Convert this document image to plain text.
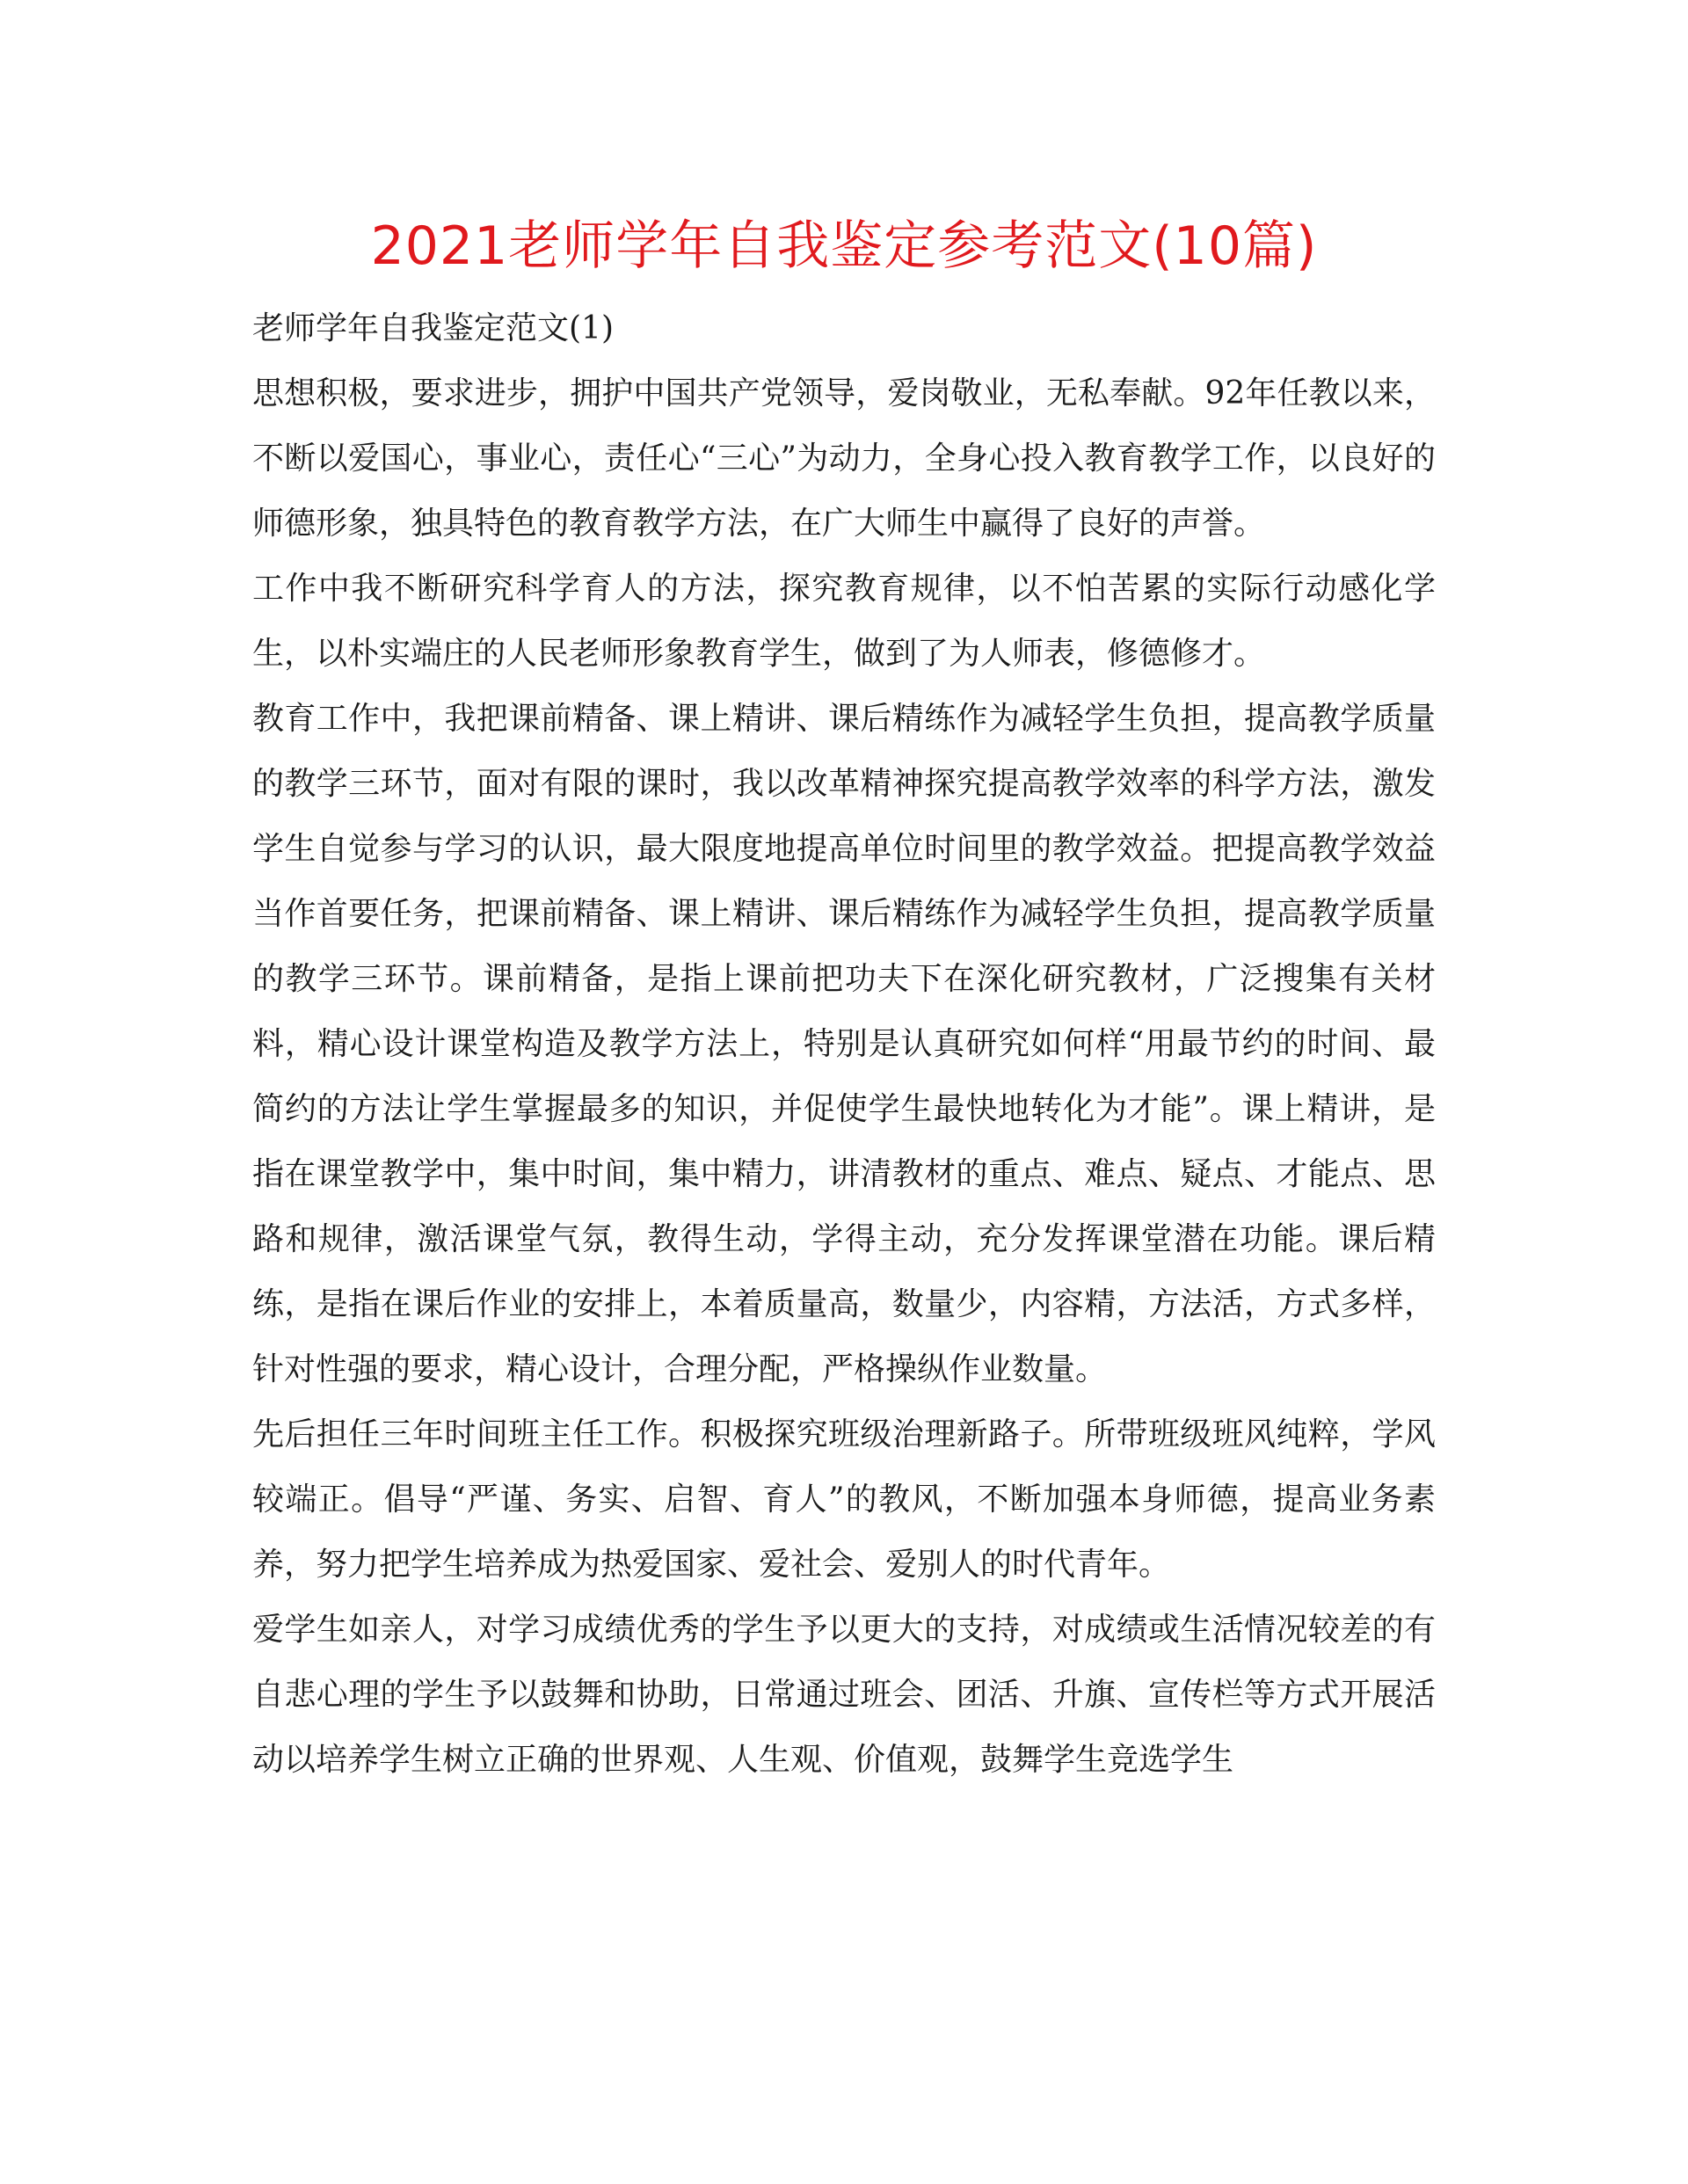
2021老师学年自我鉴定参考范文(10篇)

老师学年自我鉴定范文(1)

思想积极，要求进步，拥护中国共产党领导，爱岗敬业，无私奉献。92年任教以来，不断以爱国心，事业心，责任心“三心”为动力，全身心投入教育教学工作，以良好的师德形象，独具特色的教育教学方法，在广大师生中赢得了良好的声誉。

工作中我不断研究科学育人的方法，探究教育规律，以不怕苦累的实际行动感化学生，以朴实端庄的人民老师形象教育学生，做到了为人师表，修德修才。

教育工作中，我把课前精备、课上精讲、课后精练作为减轻学生负担，提高教学质量的教学三环节，面对有限的课时，我以改革精神探究提高教学效率的科学方法，激发学生自觉参与学习的认识，最大限度地提高单位时间里的教学效益。把提高教学效益当作首要任务，把课前精备、课上精讲、课后精练作为减轻学生负担，提高教学质量的教学三环节。课前精备，是指上课前把功夫下在深化研究教材，广泛搜集有关材料，精心设计课堂构造及教学方法上，特别是认真研究如何样“用最节约的时间、最简约的方法让学生掌握最多的知识，并促使学生最快地转化为才能”。课上精讲，是指在课堂教学中，集中时间，集中精力，讲清教材的重点、难点、疑点、才能点、思路和规律，激活课堂气氛，教得生动，学得主动，充分发挥课堂潜在功能。课后精练，是指在课后作业的安排上，本着质量高，数量少，内容精，方法活，方式多样，针对性强的要求，精心设计，合理分配，严格操纵作业数量。

先后担任三年时间班主任工作。积极探究班级治理新路子。所带班级班风纯粹，学风较端正。倡导“严谨、务实、启智、育人”的教风，不断加强本身师德，提高业务素养，努力把学生培养成为热爱国家、爱社会、爱别人的时代青年。

爱学生如亲人，对学习成绩优秀的学生予以更大的支持，对成绩或生活情况较差的有自悲心理的学生予以鼓舞和协助，日常通过班会、团活、升旗、宣传栏等方式开展活动以培养学生树立正确的世界观、人生观、价值观，鼓舞学生竞选学生
